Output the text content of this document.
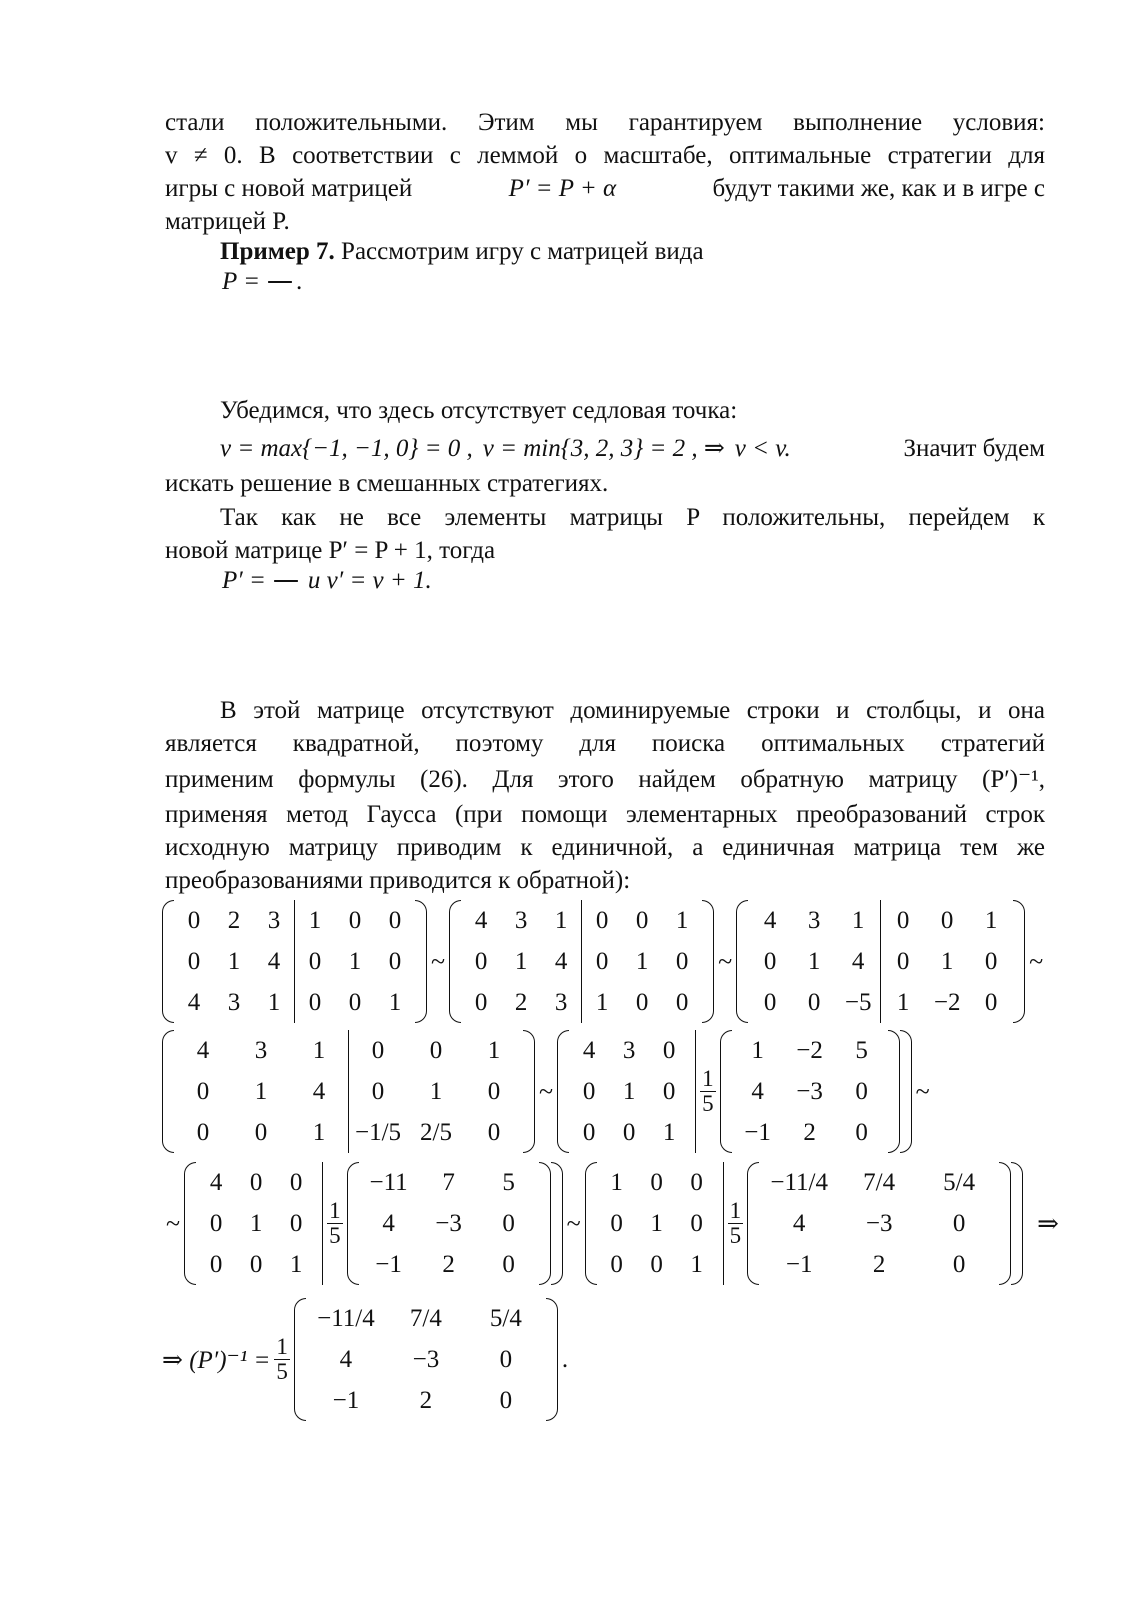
стали положительными. Этим мы гарантируем выполнение условия:
v ≠ 0. В соответствии с леммой о масштабе, оптимальные стратегии для
игры с новой матрицей	P′ = P + α	будут такими же, как и в игре с
матрицей P.
Пример 7. Рассмотрим игру с матрицей вида
P = .
Убедимся, что здесь отсутствует седловая точка:
v = max{−1, −1, 0} = 0 , v = min{3, 2, 3} = 2 , ⇒ v < v.	Значит будем
искать решение в смешанных стратегиях.
Так как не все элементы матрицы P положительны, перейдем к
новой матрице P′ = P + 1, тогда
P′ = и v′ = v + 1.
В этой матрице отсутствуют доминируемые строки и столбцы, и она
является квадратной, поэтому для поиска оптимальных стратегий
применим формулы (26). Для этого найдем обратную матрицу (P′)⁻¹,
применяя метод Гаусса (при помощи элементарных преобразований строк
исходную матрицу приводим к единичной, а единичная матрица тем же
преобразованиями приводится к обратной):
0	2	3	1	0	0
0	1	4	0	1	0
4	3	1	0	0	1
~
4	3	1	0	0	1
0	1	4	0	1	0
0	2	3	1	0	0
~
4	3	1	0	0	1
0	1	4	0	1	0
0	0	−5	1	−2	0
~
4	3	1	0	0	1
0	1	4	0	1	0
0	0	1	−1/5	2/5	0
~
4	3	0
0	1	0
0	0	1
$\frac{1}{5}$
1	−2	5
4	−3	0
−1	2	0
~
~
4	0	0
0	1	0
0	0	1
$\frac{1}{5}$
−11	7	5
4	−3	0
−1	2	0
~
1	0	0
0	1	0
0	0	1
$\frac{1}{5}$
−11/4	7/4	5/4
4	−3	0
−1	2	0
⇒
⇒ $(P')^{-1} = \frac{1}{5}$
−11/4	7/4	5/4
4	−3	0
−1	2	0
.
